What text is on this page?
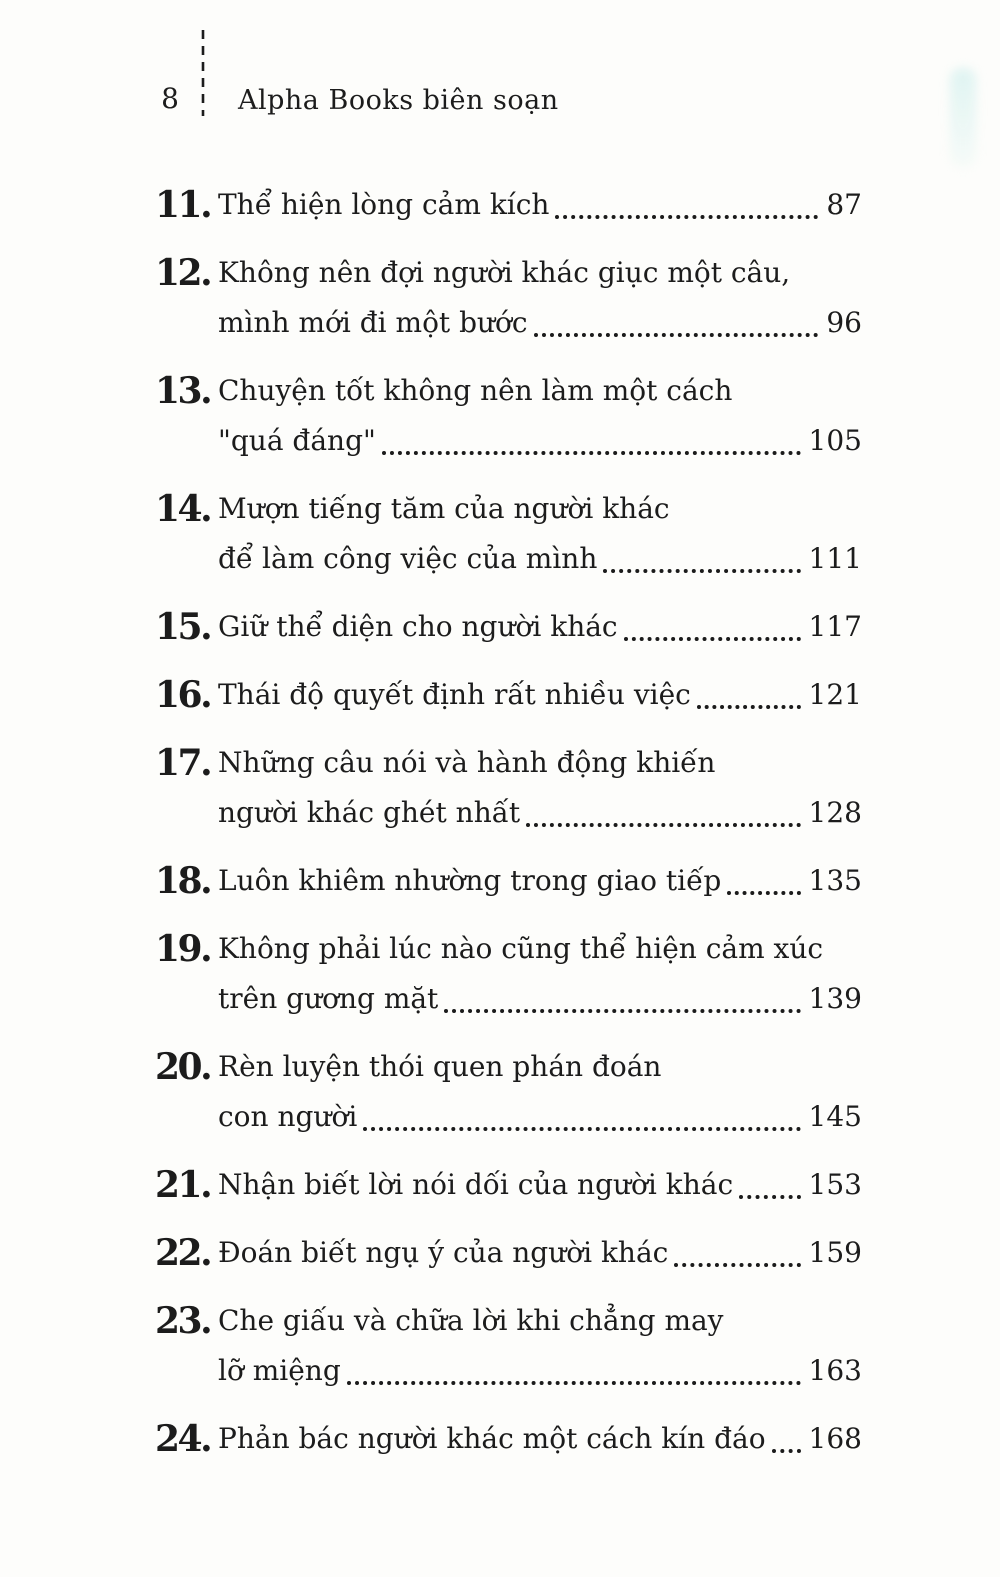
8	Alpha Books biên soạn
11. Thể hiện lòng cảm kích	87
12. Không nên đợi người khác giục một câu,
mình mới đi một bước	96
13. Chuyện tốt không nên làm một cách
"quá đáng"	105
14. Mượn tiếng tăm của người khác
để làm công việc của mình	111
15. Giữ thể diện cho người khác	117
16. Thái độ quyết định rất nhiều việc	121
17. Những câu nói và hành động khiến
người khác ghét nhất	128
18. Luôn khiêm nhường trong giao tiếp	135
19. Không phải lúc nào cũng thể hiện cảm xúc
trên gương mặt	139
20. Rèn luyện thói quen phán đoán
con người	145
21. Nhận biết lời nói dối của người khác	153
22. Đoán biết ngụ ý của người khác	159
23. Che giấu và chữa lời khi chẳng may
lỡ miệng	163
24. Phản bác người khác một cách kín đáo 168
